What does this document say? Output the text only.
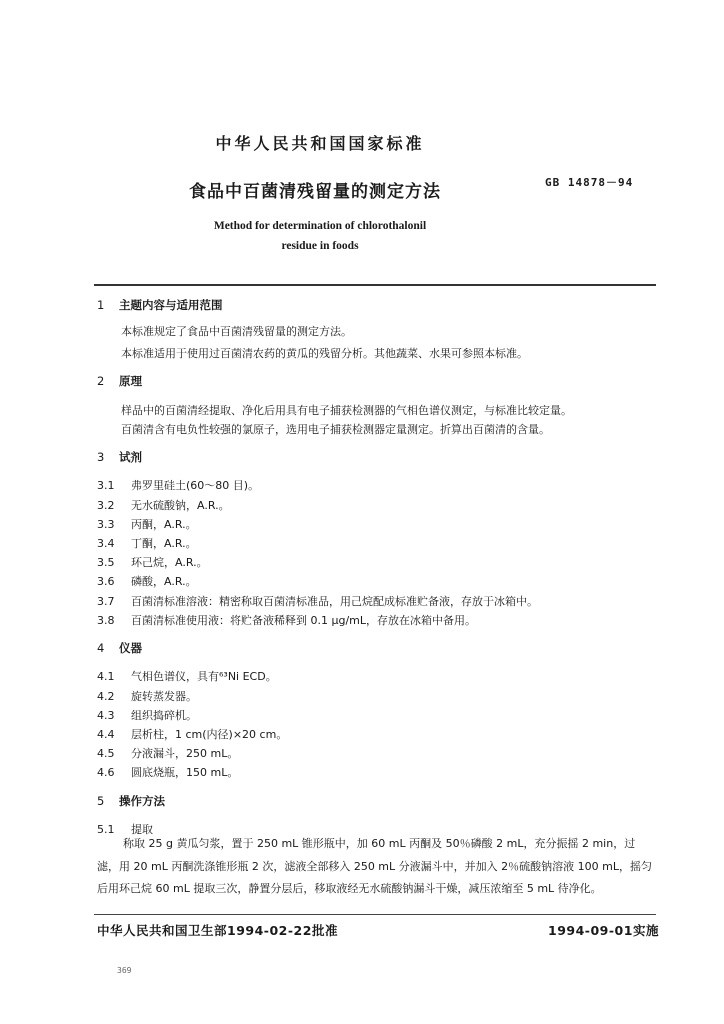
中华人民共和国国家标准
食品中百菌清残留量的测定方法	GB 14878－94
Method for determination of chlorothalonil
residue in foods
1 主题内容与适用范围
本标准规定了食品中百菌清残留量的测定方法。
本标准适用于使用过百菌清农药的黄瓜的残留分析。其他蔬菜、水果可参照本标准。
2 原理
样品中的百菌清经提取、净化后用具有电子捕获检测器的气相色谱仪测定，与标准比较定量。
百菌清含有电负性较强的氯原子，选用电子捕获检测器定量测定。折算出百菌清的含量。
3 试剂
3.1 弗罗里硅土(60～80 目)。
3.2 无水硫酸钠，A.R.。
3.3 丙酮，A.R.。
3.4 丁酮，A.R.。
3.5 环己烷，A.R.。
3.6 磷酸，A.R.。
3.7 百菌清标准溶液：精密称取百菌清标准品，用己烷配成标准贮备液，存放于冰箱中。
3.8 百菌清标准使用液：将贮备液稀释到 0.1 μg/mL，存放在冰箱中备用。
4 仪器
4.1 气相色谱仪，具有⁶³Ni ECD。
4.2 旋转蒸发器。
4.3 组织捣碎机。
4.4 层析柱，1 cm(内径)×20 cm。
4.5 分液漏斗，250 mL。
4.6 圆底烧瓶，150 mL。
5 操作方法
5.1 提取
称取 25 g 黄瓜匀浆，置于 250 mL 锥形瓶中，加 60 mL 丙酮及 50％磷酸 2 mL，充分振摇 2 min，过滤，用 20 mL 丙酮洗涤锥形瓶 2 次，滤液全部移入 250 mL 分液漏斗中，并加入 2％硫酸钠溶液 100 mL，摇匀后用环己烷 60 mL 提取三次，静置分层后，移取液经无水硫酸钠漏斗干燥，减压浓缩至 5 mL 待净化。
中华人民共和国卫生部1994-02-22批准	1994-09-01实施
369
